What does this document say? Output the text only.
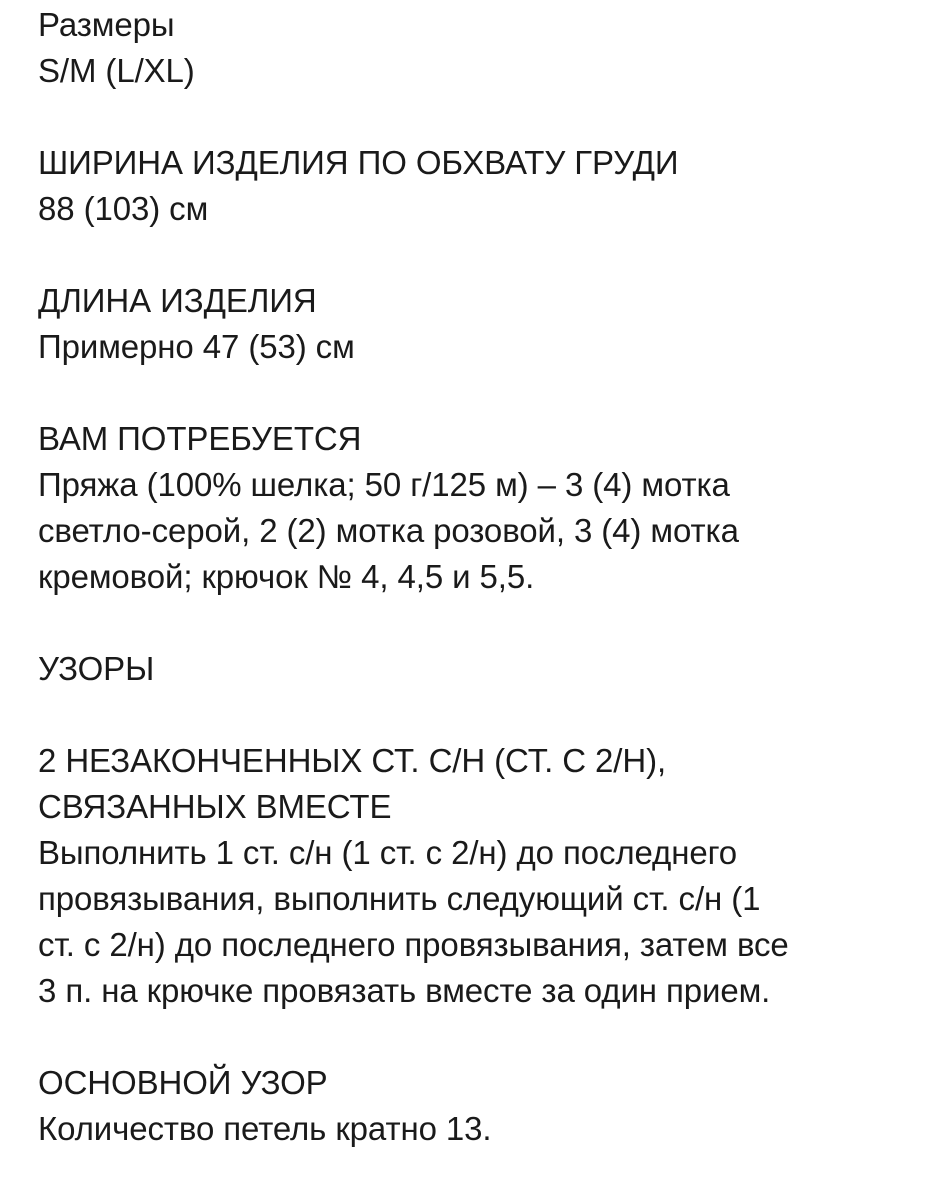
Размеры
S/M (L/XL)
ШИРИНА ИЗДЕЛИЯ ПО ОБХВАТУ ГРУДИ
88 (103) см
ДЛИНА ИЗДЕЛИЯ
Примерно 47 (53) см
ВАМ ПОТРЕБУЕТСЯ
Пряжа (100% шелка; 50 г/125 м) – 3 (4) мотка
светло-серой, 2 (2) мотка розовой, 3 (4) мотка
кремовой; крючок № 4, 4,5 и 5,5.
УЗОРЫ
2 НЕЗАКОНЧЕННЫХ СТ. С/Н (СТ. С 2/Н),
СВЯЗАННЫХ ВМЕСТЕ
Выполнить 1 ст. с/н (1 ст. с 2/н) до последнего
провязывания, выполнить следующий ст. с/н (1
ст. с 2/н) до последнего провязывания, затем все
3 п. на крючке провязать вместе за один прием.
ОСНОВНОЙ УЗОР
Количество петель кратно 13.
